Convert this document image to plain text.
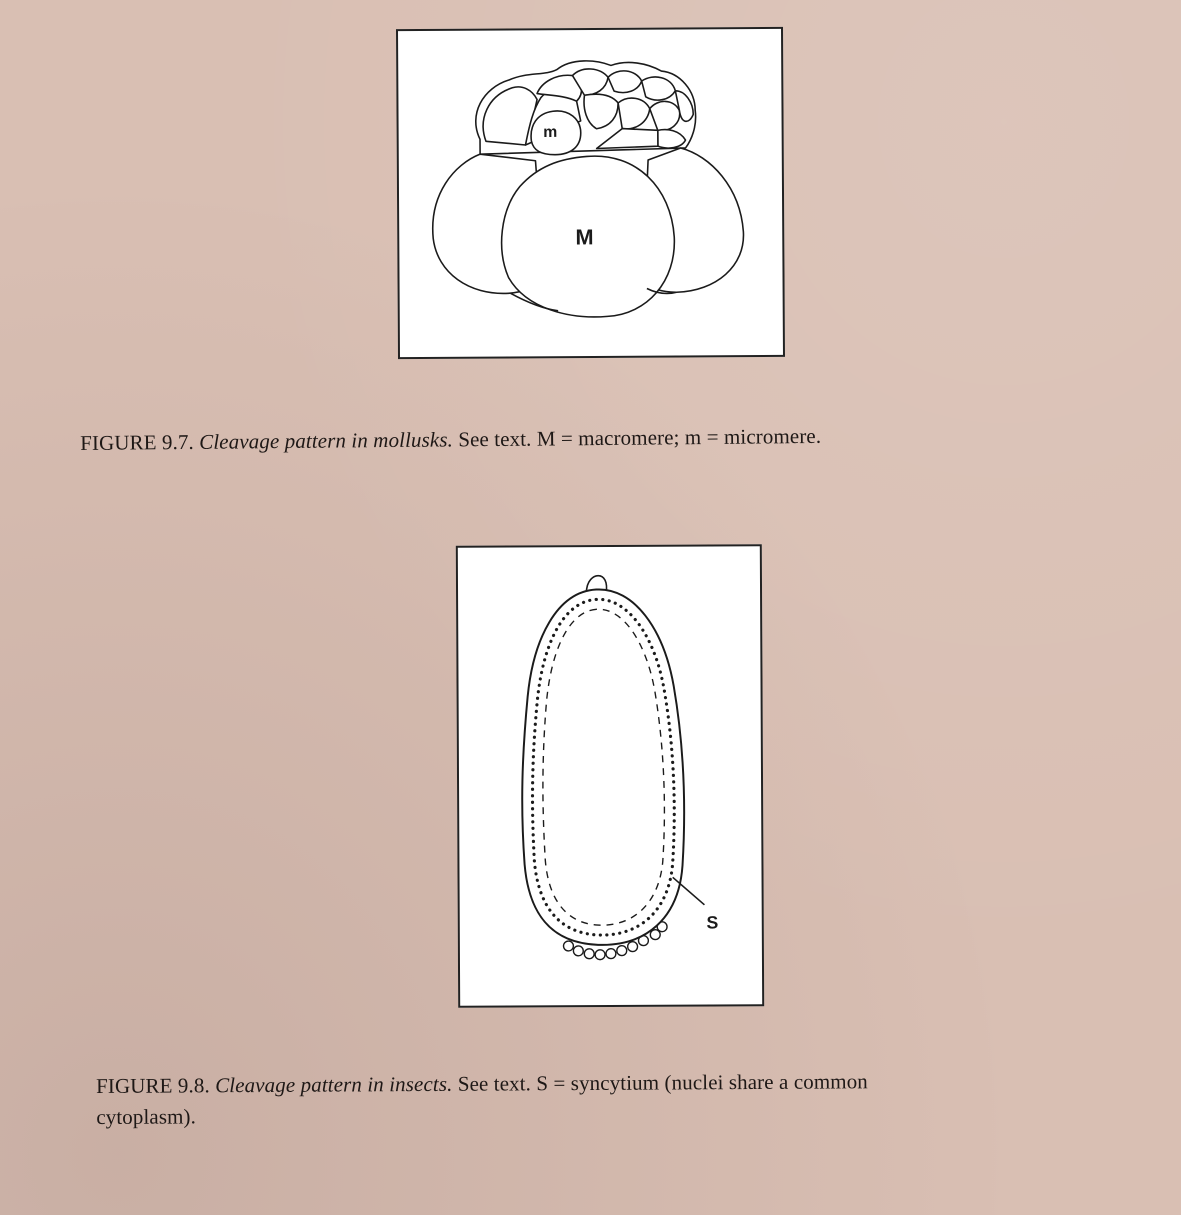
m
M
FIGURE 9.7. Cleavage pattern in mollusks. See text. M = macromere; m = micromere.
S
FIGURE 9.8. Cleavage pattern in insects. See text. S = syncytium (nuclei share a common
cytoplasm).
